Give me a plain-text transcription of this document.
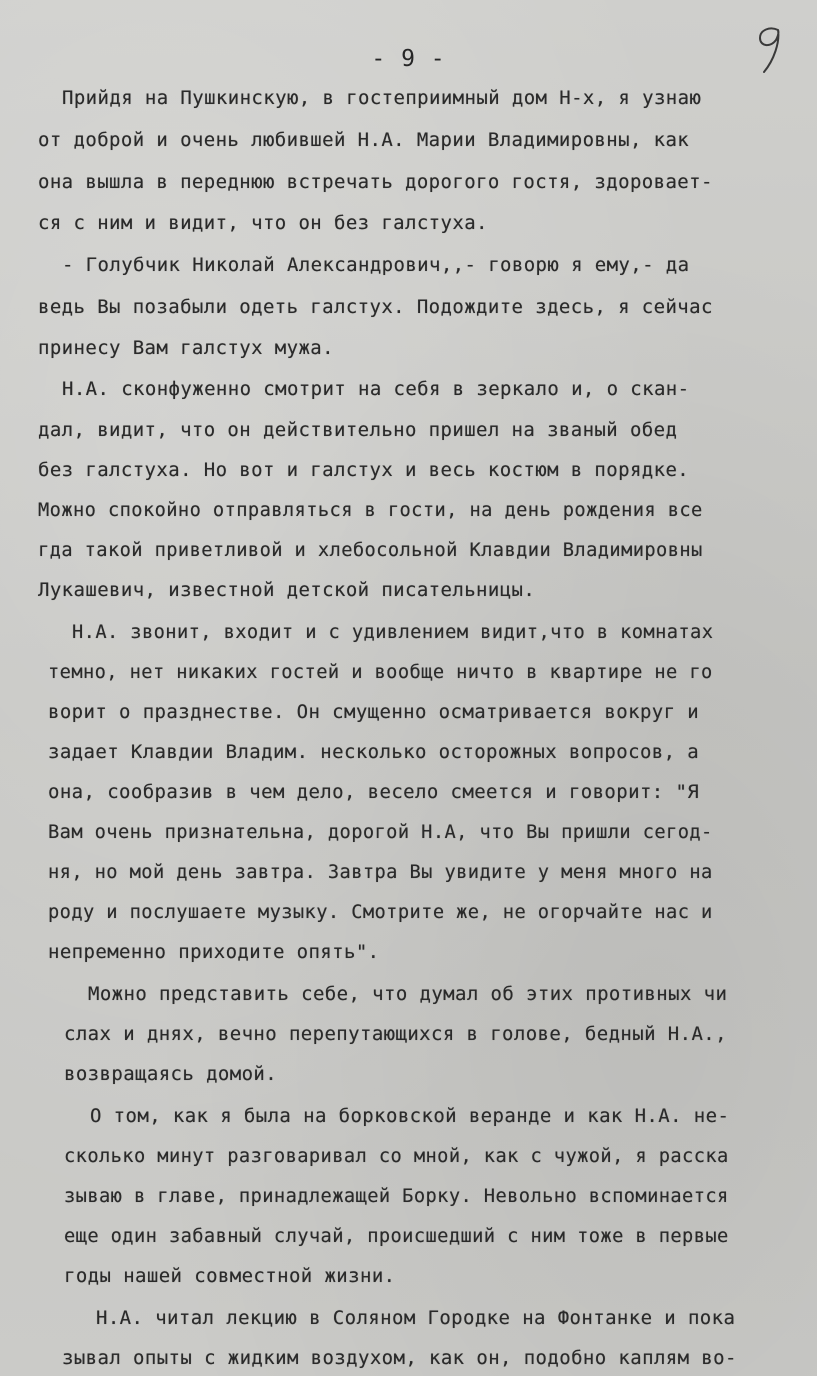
- 9 -
Прийдя на Пушкинскую, в гостеприимный дом Н-х, я узнаю
от доброй и очень любившей Н.А. Марии Владимировны, как
она вышла в переднюю встречать дорогого гостя, здоровает-
ся с ним и видит, что он без галстуха.
- Голубчик Николай Александрович,,- говорю я ему,- да
ведь Вы позабыли одеть галстух. Подождите здесь, я сейчас
принесу Вам галстух мужа.
Н.А. сконфуженно смотрит на себя в зеркало и, о скан-
дал, видит, что он действительно пришел на званый обед
без галстуха. Но вот и галстух и весь костюм в порядке.
Можно спокойно отправляться в гости, на день рождения все
гда такой приветливой и хлебосольной Клавдии Владимировны
Лукашевич, известной детской писательницы.
Н.А. звонит, входит и с удивлением видит,что в комнатах
темно, нет никаких гостей и вообще ничто в квартире не го
ворит о празднестве. Он смущенно осматривается вокруг и
задает Клавдии Владим. несколько осторожных вопросов, а
она, сообразив в чем дело, весело смеется и говорит: "Я
Вам очень признательна, дорогой Н.А, что Вы пришли сегод-
ня, но мой день завтра. Завтра Вы увидите у меня много на
роду и послушаете музыку. Смотрите же, не огорчайте нас и
непременно приходите опять".
Можно представить себе, что думал об этих противных чи
слах и днях, вечно перепутающихся в голове, бедный Н.А.,
возвращаясь домой.
О том, как я была на борковской веранде и как Н.А. не-
сколько минут разговаривал со мной, как с чужой, я расска
зываю в главе, принадлежащей Борку. Невольно вспоминается
еще один забавный случай, происшедший с ним тоже в первые
годы нашей совместной жизни.
Н.А. читал лекцию в Соляном Городке на Фонтанке и пока
зывал опыты с жидким воздухом, как он, подобно каплям во-
